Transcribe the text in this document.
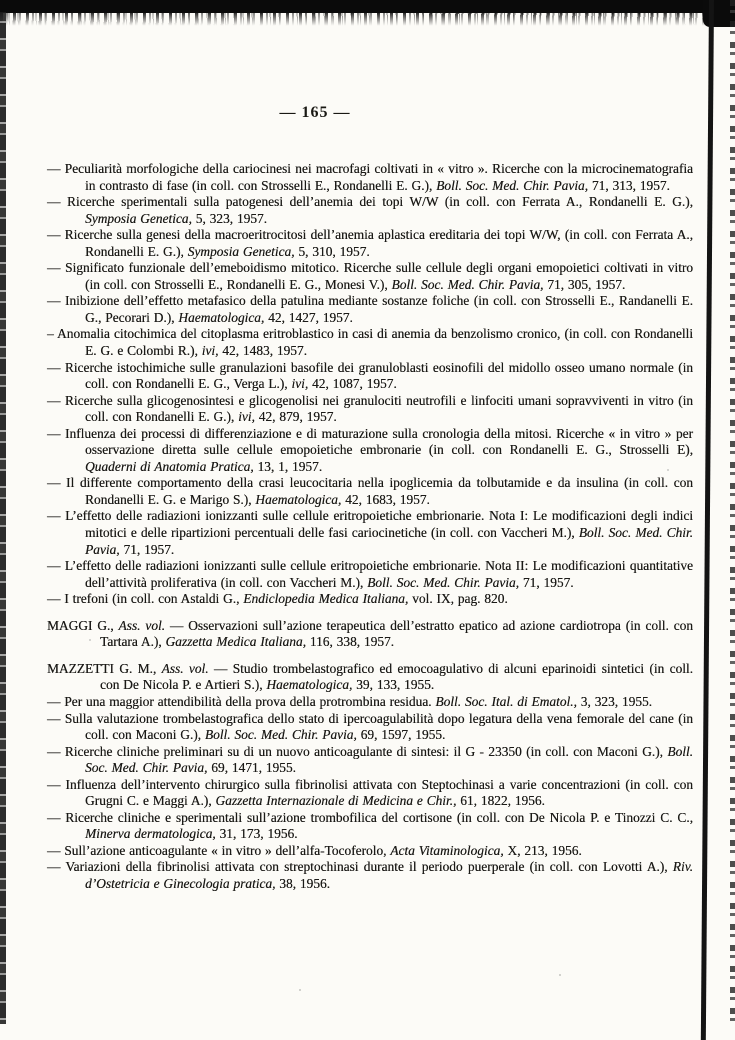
— 165 —
— Peculiarità morfologiche della cariocinesi nei macrofagi coltivati in « vitro ». Ricerche con la microcinematografia in contrasto di fase (in coll. con Strosselli E., Rondanelli E. G.), Boll. Soc. Med. Chir. Pavia, 71, 313, 1957.
— Ricerche sperimentali sulla patogenesi dell’anemia dei topi W/W (in coll. con Ferrata A., Rondanelli E. G.), Symposia Genetica, 5, 323, 1957.
— Ricerche sulla genesi della macroeritrocitosi dell’anemia aplastica ereditaria dei topi W/W, (in coll. con Ferrata A., Rondanelli E. G.), Symposia Genetica, 5, 310, 1957.
— Significato funzionale dell’emeboidismo mitotico. Ricerche sulle cellule degli organi emopoietici coltivati in vitro (in coll. con Strosselli E., Rondanelli E. G., Monesi V.), Boll. Soc. Med. Chir. Pavia, 71, 305, 1957.
— Inibizione dell’effetto metafasico della patulina mediante sostanze foliche (in coll. con Strosselli E., Randanelli E. G., Pecorari D.), Haematologica, 42, 1427, 1957.
– Anomalia citochimica del citoplasma eritroblastico in casi di anemia da benzolismo cronico, (in coll. con Rondanelli E. G. e Colombi R.), ivi, 42, 1483, 1957.
— Ricerche istochimiche sulle granulazioni basofile dei granuloblasti eosinofili del midollo osseo umano normale (in coll. con Rondanelli E. G., Verga L.), ivi, 42, 1087, 1957.
— Ricerche sulla glicogenosintesi e glicogenolisi nei granulociti neutrofili e linfociti umani sopravviventi in vitro (in coll. con Rondanelli E. G.), ivi, 42, 879, 1957.
— Influenza dei processi di differenziazione e di maturazione sulla cronologia della mitosi. Ricerche « in vitro » per osservazione diretta sulle cellule emopoietiche embronarie (in coll. con Rondanelli E. G., Strosselli E), Quaderni di Anatomia Pratica, 13, 1, 1957.
— Il differente comportamento della crasi leucocitaria nella ipoglicemia da tolbutamide e da insulina (in coll. con Rondanelli E. G. e Marigo S.), Haematologica, 42, 1683, 1957.
— L’effetto delle radiazioni ionizzanti sulle cellule eritropoietiche embrionarie. Nota I: Le modificazioni degli indici mitotici e delle ripartizioni percentuali delle fasi cariocinetiche (in coll. con Vaccheri M.), Boll. Soc. Med. Chir. Pavia, 71, 1957.
— L’effetto delle radiazioni ionizzanti sulle cellule eritropoietiche embrionarie. Nota II: Le modificazioni quantitative dell’attività proliferativa (in coll. con Vaccheri M.), Boll. Soc. Med. Chir. Pavia, 71, 1957.
— I trefoni (in coll. con Astaldi G., Endiclopedia Medica Italiana, vol. IX, pag. 820.
MAGGI G., Ass. vol. — Osservazioni sull’azione terapeutica dell’estratto epatico ad azione cardiotropa (in coll. con Tartara A.), Gazzetta Medica Italiana, 116, 338, 1957.
MAZZETTI G. M., Ass. vol. — Studio trombelastografico ed emocoagulativo di alcuni eparinoidi sintetici (in coll. con De Nicola P. e Artieri S.), Haematologica, 39, 133, 1955.
— Per una maggior attendibilità della prova della protrombina residua. Boll. Soc. Ital. di Ematol., 3, 323, 1955.
— Sulla valutazione trombelastografica dello stato di ipercoagulabilità dopo legatura della vena femorale del cane (in coll. con Maconi G.), Boll. Soc. Med. Chir. Pavia, 69, 1597, 1955.
— Ricerche cliniche preliminari su di un nuovo anticoagulante di sintesi: il G - 23350 (in coll. con Maconi G.), Boll. Soc. Med. Chir. Pavia, 69, 1471, 1955.
— Influenza dell’intervento chirurgico sulla fibrinolisi attivata con Steptochinasi a varie concentrazioni (in coll. con Grugni C. e Maggi A.), Gazzetta Internazionale di Medicina e Chir., 61, 1822, 1956.
— Ricerche cliniche e sperimentali sull’azione trombofilica del cortisone (in coll. con De Nicola P. e Tinozzi C. C., Minerva dermatologica, 31, 173, 1956.
— Sull’azione anticoagulante « in vitro » dell’alfa-Tocoferolo, Acta Vitaminologica, X, 213, 1956.
— Variazioni della fibrinolisi attivata con streptochinasi durante il periodo puerperale (in coll. con Lovotti A.), Riv. d’Ostetricia e Ginecologia pratica, 38, 1956.
